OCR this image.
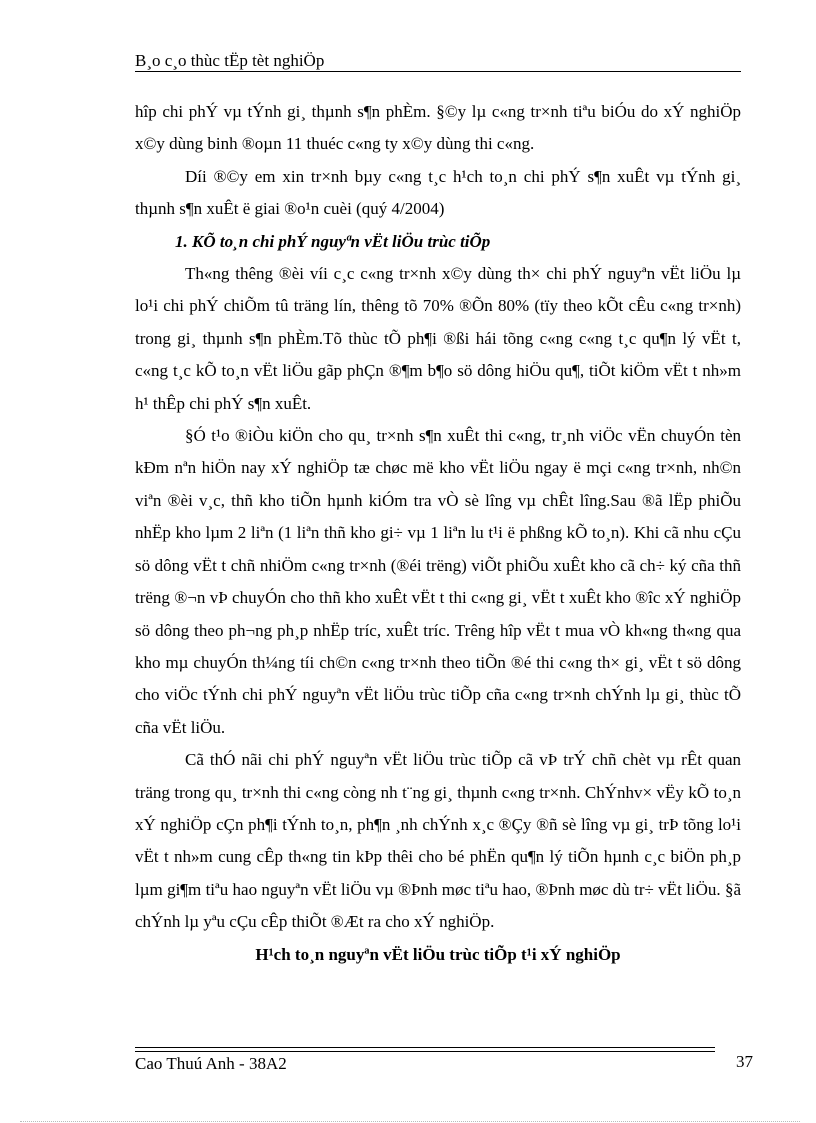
B¸o c¸o thùc tËp tèt nghiÖp

hîp chi phÝ vµ tÝnh gi¸ thµnh s¶n phÈm. §©y lµ c«ng tr×nh tiªu biÓu do xÝ nghiÖp x©y dùng binh ®oµn 11 thuéc c«ng ty x©y dùng thi c«ng.

Díi ®©y em xin tr×nh bµy c«ng t¸c h¹ch to¸n chi phÝ s¶n xuÊt vµ tÝnh gi¸ thµnh s¶n xuÊt ë giai ®o¹n cuèi (quý 4/2004)

1. KÕ to¸n chi phÝ nguyªn vËt liÖu trùc tiÕp

Th«ng thêng ®èi víi c¸c c«ng tr×nh x©y dùng th× chi phÝ nguyªn vËt liÖu lµ lo¹i chi phÝ chiÕm tû träng lín, thêng tõ 70% ®Õn 80% (tïy theo kÕt cÊu c«ng tr×nh) trong gi¸ thµnh s¶n phÈm.Tõ thùc tÕ ph¶i ®ßi hái tõng c«ng c«ng t¸c qu¶n lý vËt t, c«ng t¸c kÕ to¸n vËt liÖu gãp phÇn ®¶m b¶o sö dông hiÖu qu¶, tiÕt kiÖm vËt t nh»m h¹ thÊp chi phÝ s¶n xuÊt.

§Ó t¹o ®iÒu kiÖn cho qu¸ tr×nh s¶n xuÊt thi c«ng, tr¸nh viÖc vËn chuyÓn tèn kÐm nªn hiÖn nay xÝ nghiÖp tæ chøc më kho vËt liÖu ngay ë mçi c«ng tr×nh, nh©n viªn ®èi v¸c, thñ kho tiÕn hµnh kiÓm tra vÒ sè lîng vµ chÊt lîng.Sau ®ã lËp phiÕu nhËp kho lµm 2 liªn (1 liªn thñ kho gi÷ vµ 1 liªn lu t¹i ë phßng kÕ to¸n). Khi cã nhu cÇu sö dông vËt t chñ nhiÖm c«ng tr×nh (®éi trëng) viÕt phiÕu xuÊt kho cã ch÷ ký cña thñ trëng ®¬n vÞ chuyÓn cho thñ kho xuÊt vËt t thi c«ng gi¸ vËt t xuÊt kho ®îc xÝ nghiÖp sö dông theo ph¬ng ph¸p nhËp tríc, xuÊt tríc. Trêng hîp vËt t mua vÒ kh«ng th«ng qua kho mµ chuyÓn th¼ng tíi ch©n c«ng tr×nh theo tiÕn ®é thi c«ng th× gi¸ vËt t sö dông cho viÖc tÝnh chi phÝ nguyªn vËt liÖu trùc tiÕp cña c«ng tr×nh chÝnh lµ gi¸ thùc tÕ cña vËt liÖu.

Cã thÓ nãi chi phÝ nguyªn vËt liÖu trùc tiÕp cã vÞ trÝ chñ chèt vµ rÊt quan träng trong qu¸ tr×nh thi c«ng còng nh t¨ng gi¸ thµnh c«ng tr×nh. ChÝnhv× vËy kÕ to¸n xÝ nghiÖp cÇn ph¶i tÝnh to¸n, ph¶n ¸nh chÝnh x¸c ®Çy ®ñ sè lîng vµ gi¸ trÞ tõng lo¹i vËt t nh»m cung cÊp th«ng tin kÞp thêi cho bé phËn qu¶n lý tiÕn hµnh c¸c biÖn ph¸p lµm gi¶m tiªu hao nguyªn vËt liÖu vµ ®Þnh møc tiªu hao, ®Þnh møc dù tr÷ vËt liÖu. §ã chÝnh lµ yªu cÇu cÊp thiÕt ®Æt ra cho xÝ nghiÖp.

H¹ch to¸n nguyªn vËt liÖu trùc tiÕp t¹i xÝ nghiÖp

Cao Thuú Anh - 38A2	37
